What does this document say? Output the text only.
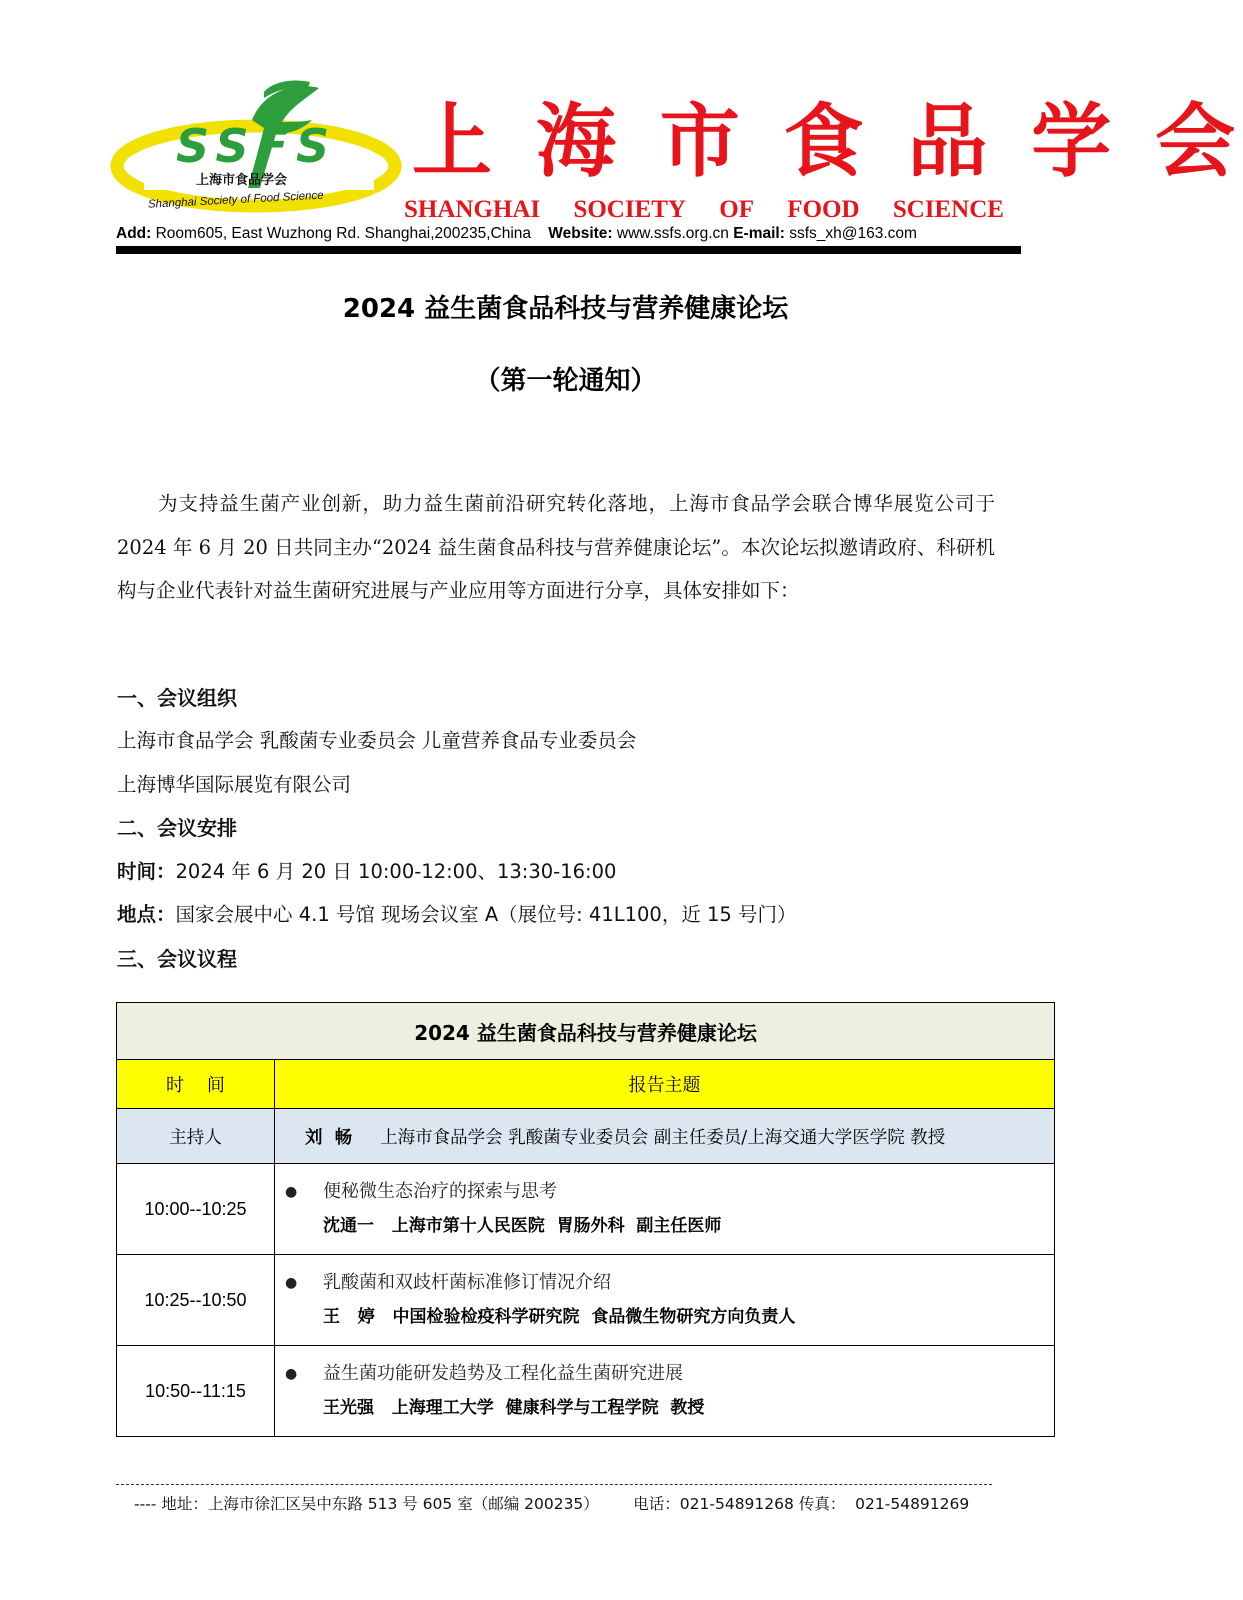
SSFS
上海市食品学会
Shanghai Society of Food Science
上 海 市 食 品 学 会
SHANGHAI SOCIETY OF FOOD SCIENCE
Add: Room605, East Wuzhong Rd. Shanghai,200235,China Website: www.ssfs.org.cn E-mail: ssfs_xh@163.com
2024 益生菌食品科技与营养健康论坛
（第一轮通知）
为支持益生菌产业创新，助力益生菌前沿研究转化落地，上海市食品学会联合博华展览公司于 2024 年 6 月 20 日共同主办“2024 益生菌食品科技与营养健康论坛”。本次论坛拟邀请政府、科研机构与企业代表针对益生菌研究进展与产业应用等方面进行分享，具体安排如下：
一、会议组织
上海市食品学会 乳酸菌专业委员会 儿童营养食品专业委员会
上海博华国际展览有限公司
二、会议安排
时间：2024 年 6 月 20 日 10:00-12:00、13:30-16:00
地点：国家会展中心 4.1 号馆 现场会议室 A（展位号: 41L100，近 15 号门）
三、会议议程
2024 益生菌食品科技与营养健康论坛	
时    间	报告主题
主持人	刘  畅 上海市食品学会 乳酸菌专业委员会 副主任委员/上海交通大学医学院 教授
10:00--10:25	● 便秘微生态治疗的探索与思考
沈通一   上海市第十人民医院  胃肠外科  副主任医师

10:25--10:50	● 乳酸菌和双歧杆菌标准修订情况介绍
王   婷   中国检验检疫科学研究院  食品微生物研究方向负责人

10:50--11:15	● 益生菌功能研发趋势及工程化益生菌研究进展
王光强   上海理工大学  健康科学与工程学院  教授
---- 地址：上海市徐汇区吴中东路 513 号 605 室（邮编 200235） 电话：021-54891268 传真：  021-54891269
